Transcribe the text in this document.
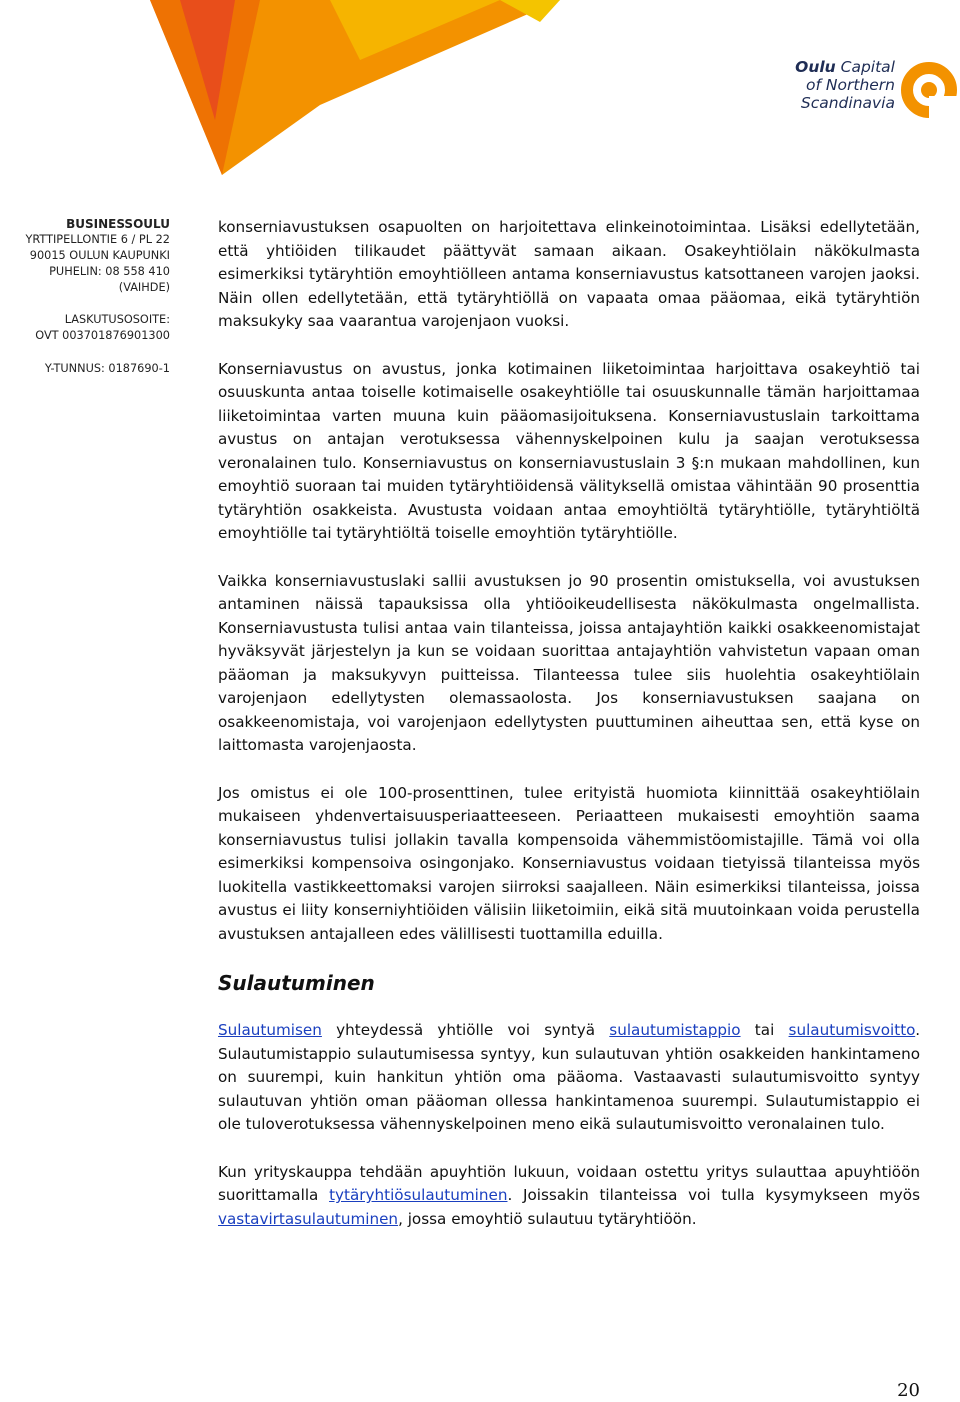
Oulu Capital
of Northern
Scandinavia
BUSINESSOULU
YRTTIPELLONTIE 6 / PL 22
90015 OULUN KAUPUNKI
PUHELIN: 08 558 410 (VAIHDE)
LASKUTUSOSOITE:
OVT 003701876901300
Y-TUNNUS: 0187690-1

konserniavustuksen osapuolten on harjoitettava elinkeinotoimintaa. Lisäksi edellytetään, että yhtiöiden tilikaudet päättyvät samaan aikaan. Osakeyhtiölain näkökulmasta esimerkiksi tytäryhtiön emoyhtiölleen antama konserniavustus katsottaneen varojen jaoksi. Näin ollen edellytetään, että tytäryhtiöllä on vapaata omaa pääomaa, eikä tytäryhtiön maksukyky saa vaarantua varojenjaon vuoksi.

Konserniavustus on avustus, jonka kotimainen liiketoimintaa harjoittava osakeyhtiö tai osuuskunta antaa toiselle kotimaiselle osakeyhtiölle tai osuuskunnalle tämän harjoittamaa liiketoimintaa varten muuna kuin pääomasijoituksena. Konserniavustuslain tarkoittama avustus on antajan verotuksessa vähennyskelpoinen kulu ja saajan verotuksessa veronalainen tulo. Konserniavustus on konserniavustuslain 3 §:n mukaan mahdollinen, kun emoyhtiö suoraan tai muiden tytäryhtiöidensä välityksellä omistaa vähintään 90 prosenttia tytäryhtiön osakkeista. Avustusta voidaan antaa emoyhtiöltä tytäryhtiölle, tytäryhtiöltä emoyhtiölle tai tytäryhtiöltä toiselle emoyhtiön tytäryhtiölle.

Vaikka konserniavustuslaki sallii avustuksen jo 90 prosentin omistuksella, voi avustuksen antaminen näissä tapauksissa olla yhtiöoikeudellisesta näkökulmasta ongelmallista. Konserniavustusta tulisi antaa vain tilanteissa, joissa antajayhtiön kaikki osakkeenomistajat hyväksyvät järjestelyn ja kun se voidaan suorittaa antajayhtiön vahvistetun vapaan oman pääoman ja maksukyvyn puitteissa. Tilanteessa tulee siis huolehtia osakeyhtiölain varojenjaon edellytysten olemassaolosta. Jos konserniavustuksen saajana on osakkeenomistaja, voi varojenjaon edellytysten puuttuminen aiheuttaa sen, että kyse on laittomasta varojenjaosta.

Jos omistus ei ole 100-prosenttinen, tulee erityistä huomiota kiinnittää osakeyhtiölain mukaiseen yhdenvertaisuusperiaatteeseen. Periaatteen mukaisesti emoyhtiön saama konserniavustus tulisi jollakin tavalla kompensoida vähemmistöomistajille. Tämä voi olla esimerkiksi kompensoiva osingonjako. Konserniavustus voidaan tietyissä tilanteissa myös luokitella vastikkeettomaksi varojen siirroksi saajalleen. Näin esimerkiksi tilanteissa, joissa avustus ei liity konserniyhtiöiden välisiin liiketoimiin, eikä sitä muutoinkaan voida perustella avustuksen antajalleen edes välillisesti tuottamilla eduilla.

Sulautuminen

Sulautumisen yhteydessä yhtiölle voi syntyä sulautumistappio tai sulautumisvoitto. Sulautumistappio sulautumisessa syntyy, kun sulautuvan yhtiön osakkeiden hankintameno on suurempi, kuin hankitun yhtiön oma pääoma. Vastaavasti sulautumisvoitto syntyy sulautuvan yhtiön oman pääoman ollessa hankintamenoa suurempi. Sulautumistappio ei ole tuloverotuksessa vähennyskelpoinen meno eikä sulautumisvoitto veronalainen tulo.

Kun yrityskauppa tehdään apuyhtiön lukuun, voidaan ostettu yritys sulauttaa apuyhtiöön suorittamalla tytäryhtiösulautuminen. Joissakin tilanteissa voi tulla kysymykseen myös vastavirtasulautuminen, jossa emoyhtiö sulautuu tytäryhtiöön.

20
